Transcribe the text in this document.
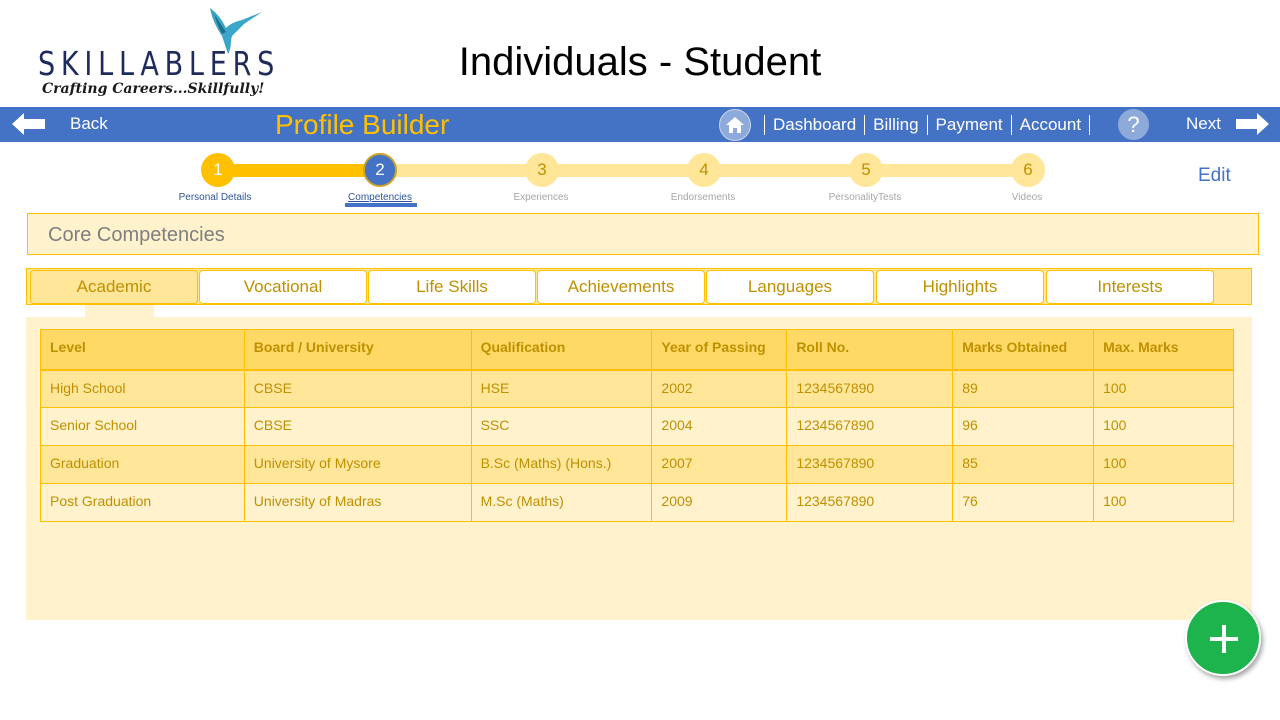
SKILLABLERS
Crafting Careers...Skillfully!
Individuals - Student
Back	Profile Builder	Dashboard	Billing	Payment	Account	?	Next
1	2	3	4	5	6
Personal Details	Competencies	Experiences	Endorsements	PersonalityTests	Videos
Edit
Core Competencies
Academic	Vocational	Life Skills	Achievements	Languages	Highlights	Interests
Level	Board / University	Qualification	Year of Passing	Roll No.	Marks Obtained	Max. Marks
High School	CBSE	HSE	2002	1234567890	89	100
Senior School	CBSE	SSC	2004	1234567890	96	100
Graduation	University of Mysore	B.Sc (Maths) (Hons.)	2007	1234567890	85	100
Post Graduation	University of Madras	M.Sc (Maths)	2009	1234567890	76	100
